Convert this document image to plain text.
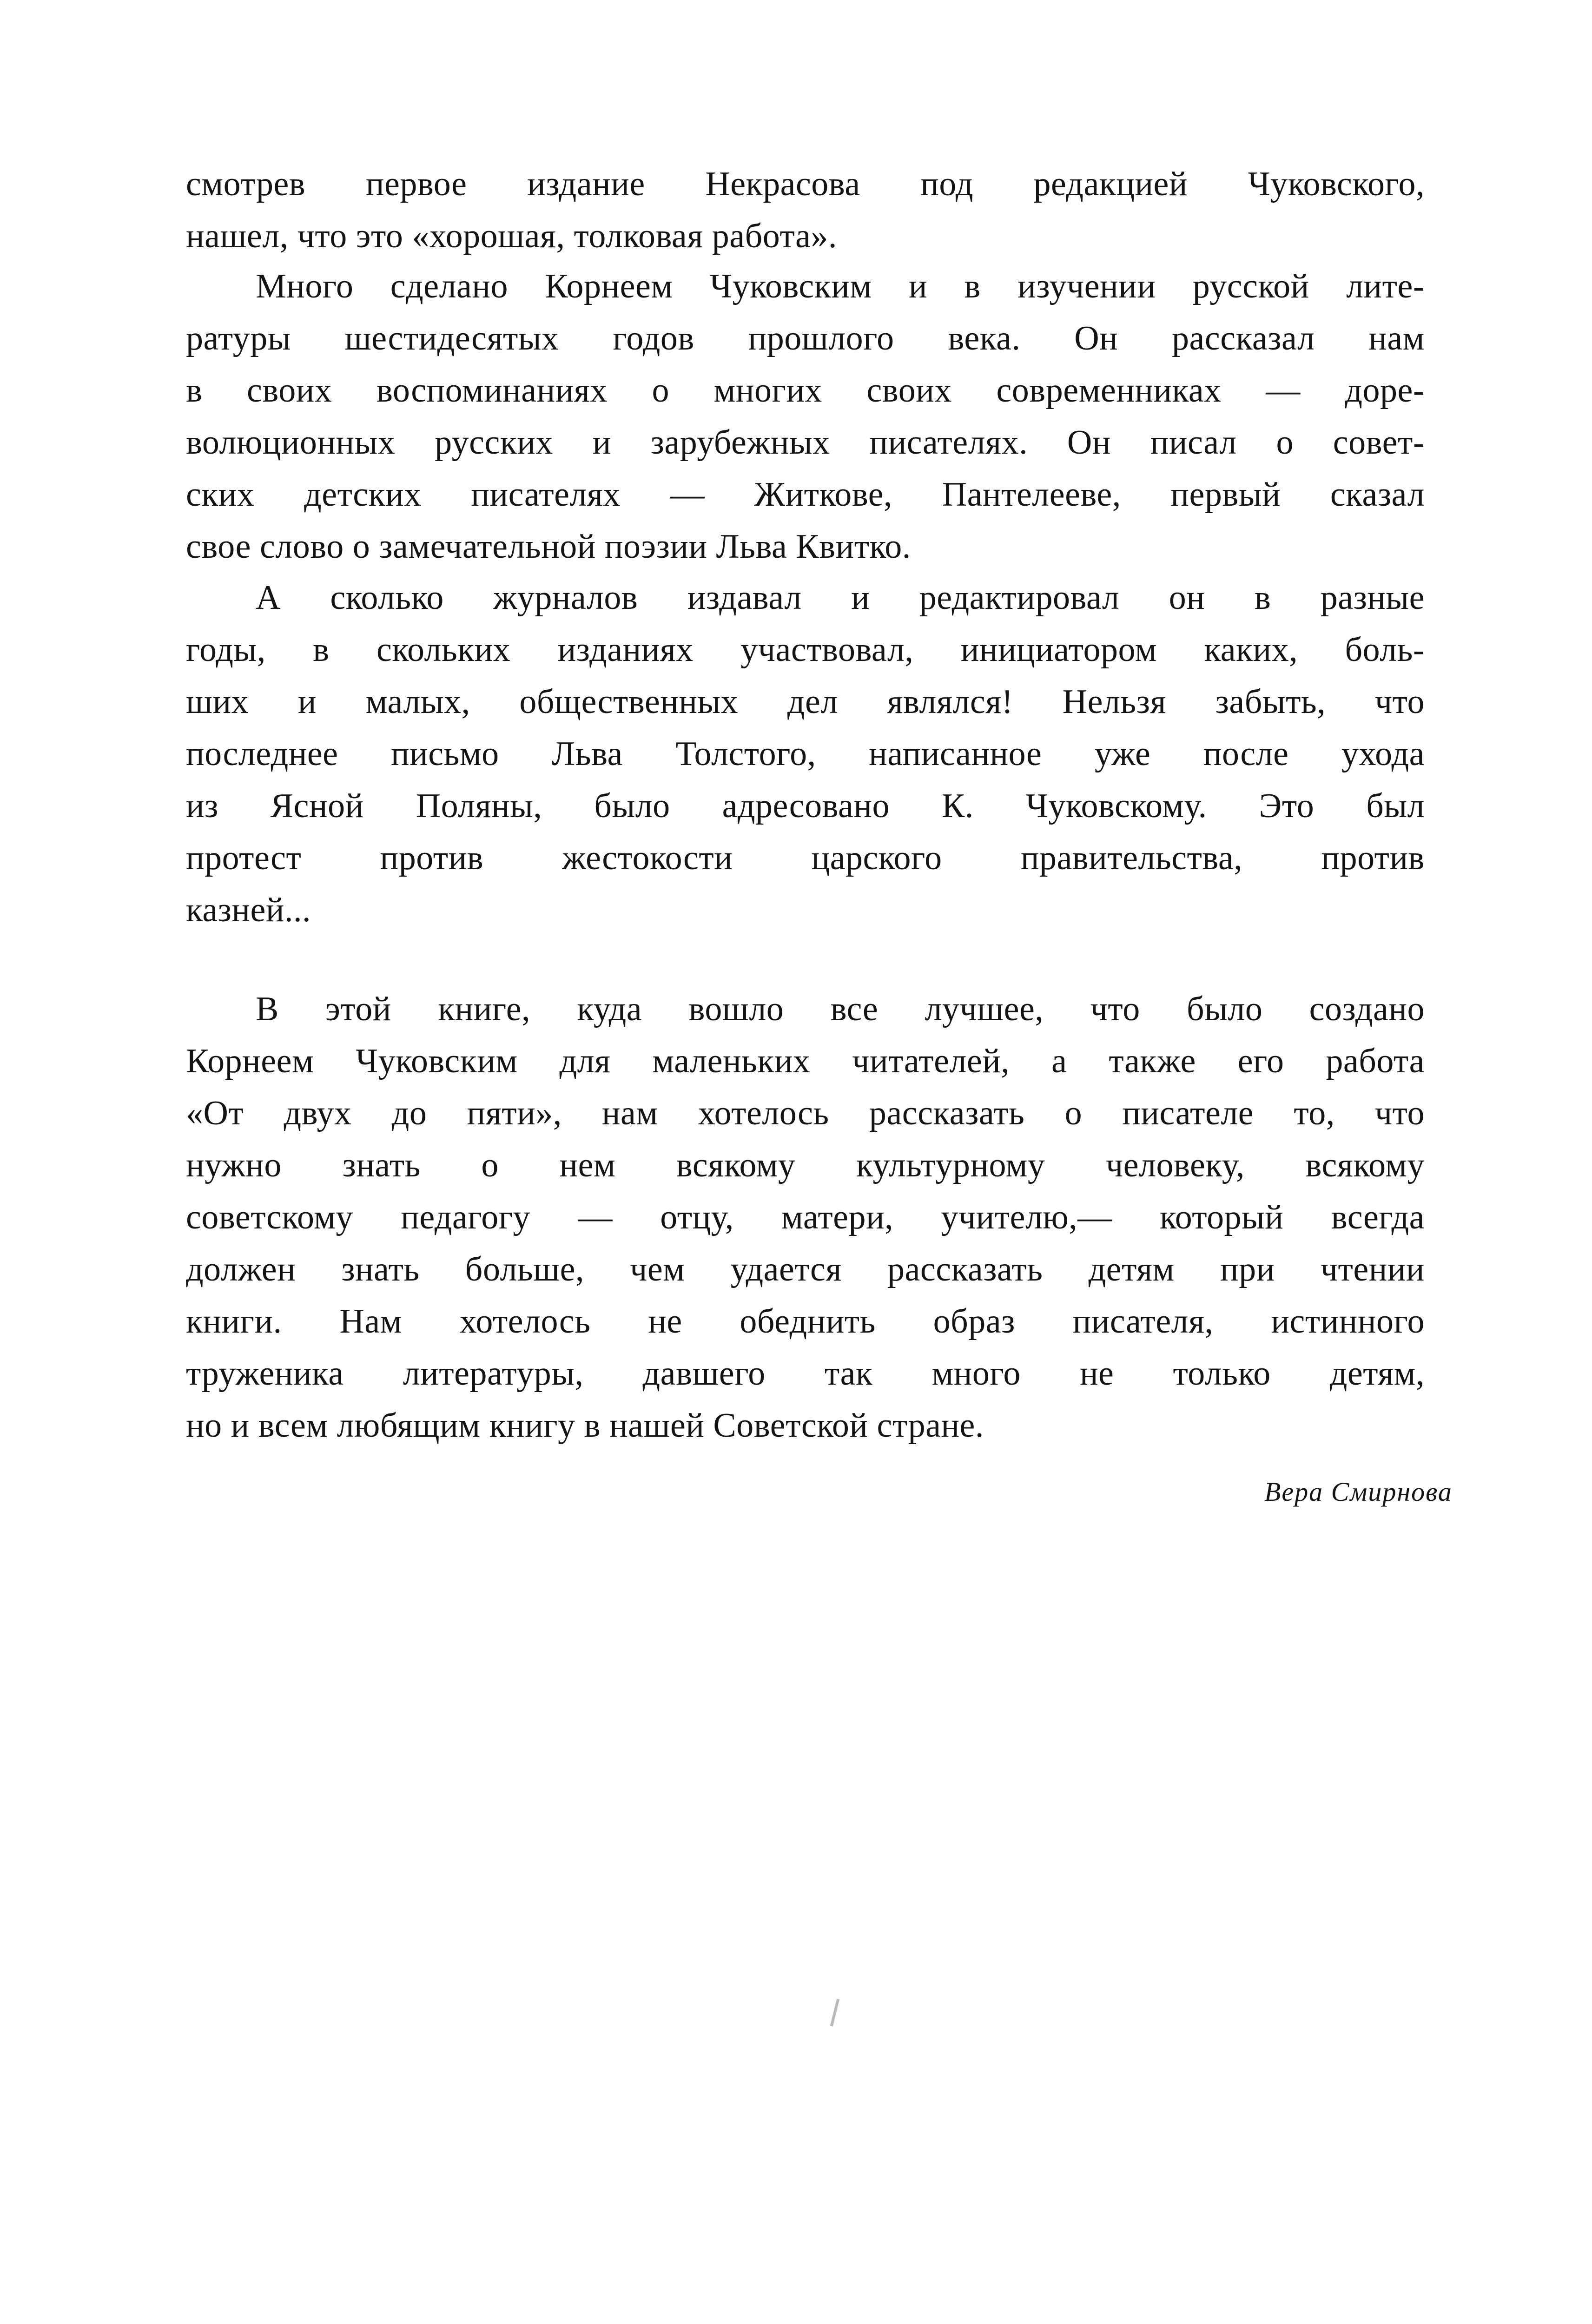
смотрев первое издание Некрасова под редакцией Чуковского,
нашел, что это «хорошая, толковая работа».
Много сделано Корнеем Чуковским и в изучении русской лите-
ратуры шестидесятых годов прошлого века. Он рассказал нам
в своих воспоминаниях о многих своих современниках — доре-
волюционных русских и зарубежных писателях. Он писал о совет-
ских детских писателях — Житкове, Пантелееве, первый сказал
свое слово о замечательной поэзии Льва Квитко.
А сколько журналов издавал и редактировал он в разные
годы, в скольких изданиях участвовал, инициатором каких, боль-
ших и малых, общественных дел являлся! Нельзя забыть, что
последнее письмо Льва Толстого, написанное уже после ухода
из Ясной Поляны, было адресовано К. Чуковскому. Это был
протест против жестокости царского правительства, против
казней...
В этой книге, куда вошло все лучшее, что было создано
Корнеем Чуковским для маленьких читателей, а также его работа
«От двух до пяти», нам хотелось рассказать о писателе то, что
нужно знать о нем всякому культурному человеку, всякому
советскому педагогу — отцу, матери, учителю,— который всегда
должен знать больше, чем удается рассказать детям при чтении
книги. Нам хотелось не обеднить образ писателя, истинного
труженика литературы, давшего так много не только детям,
но и всем любящим книгу в нашей Советской стране.
Вера Смирнова
